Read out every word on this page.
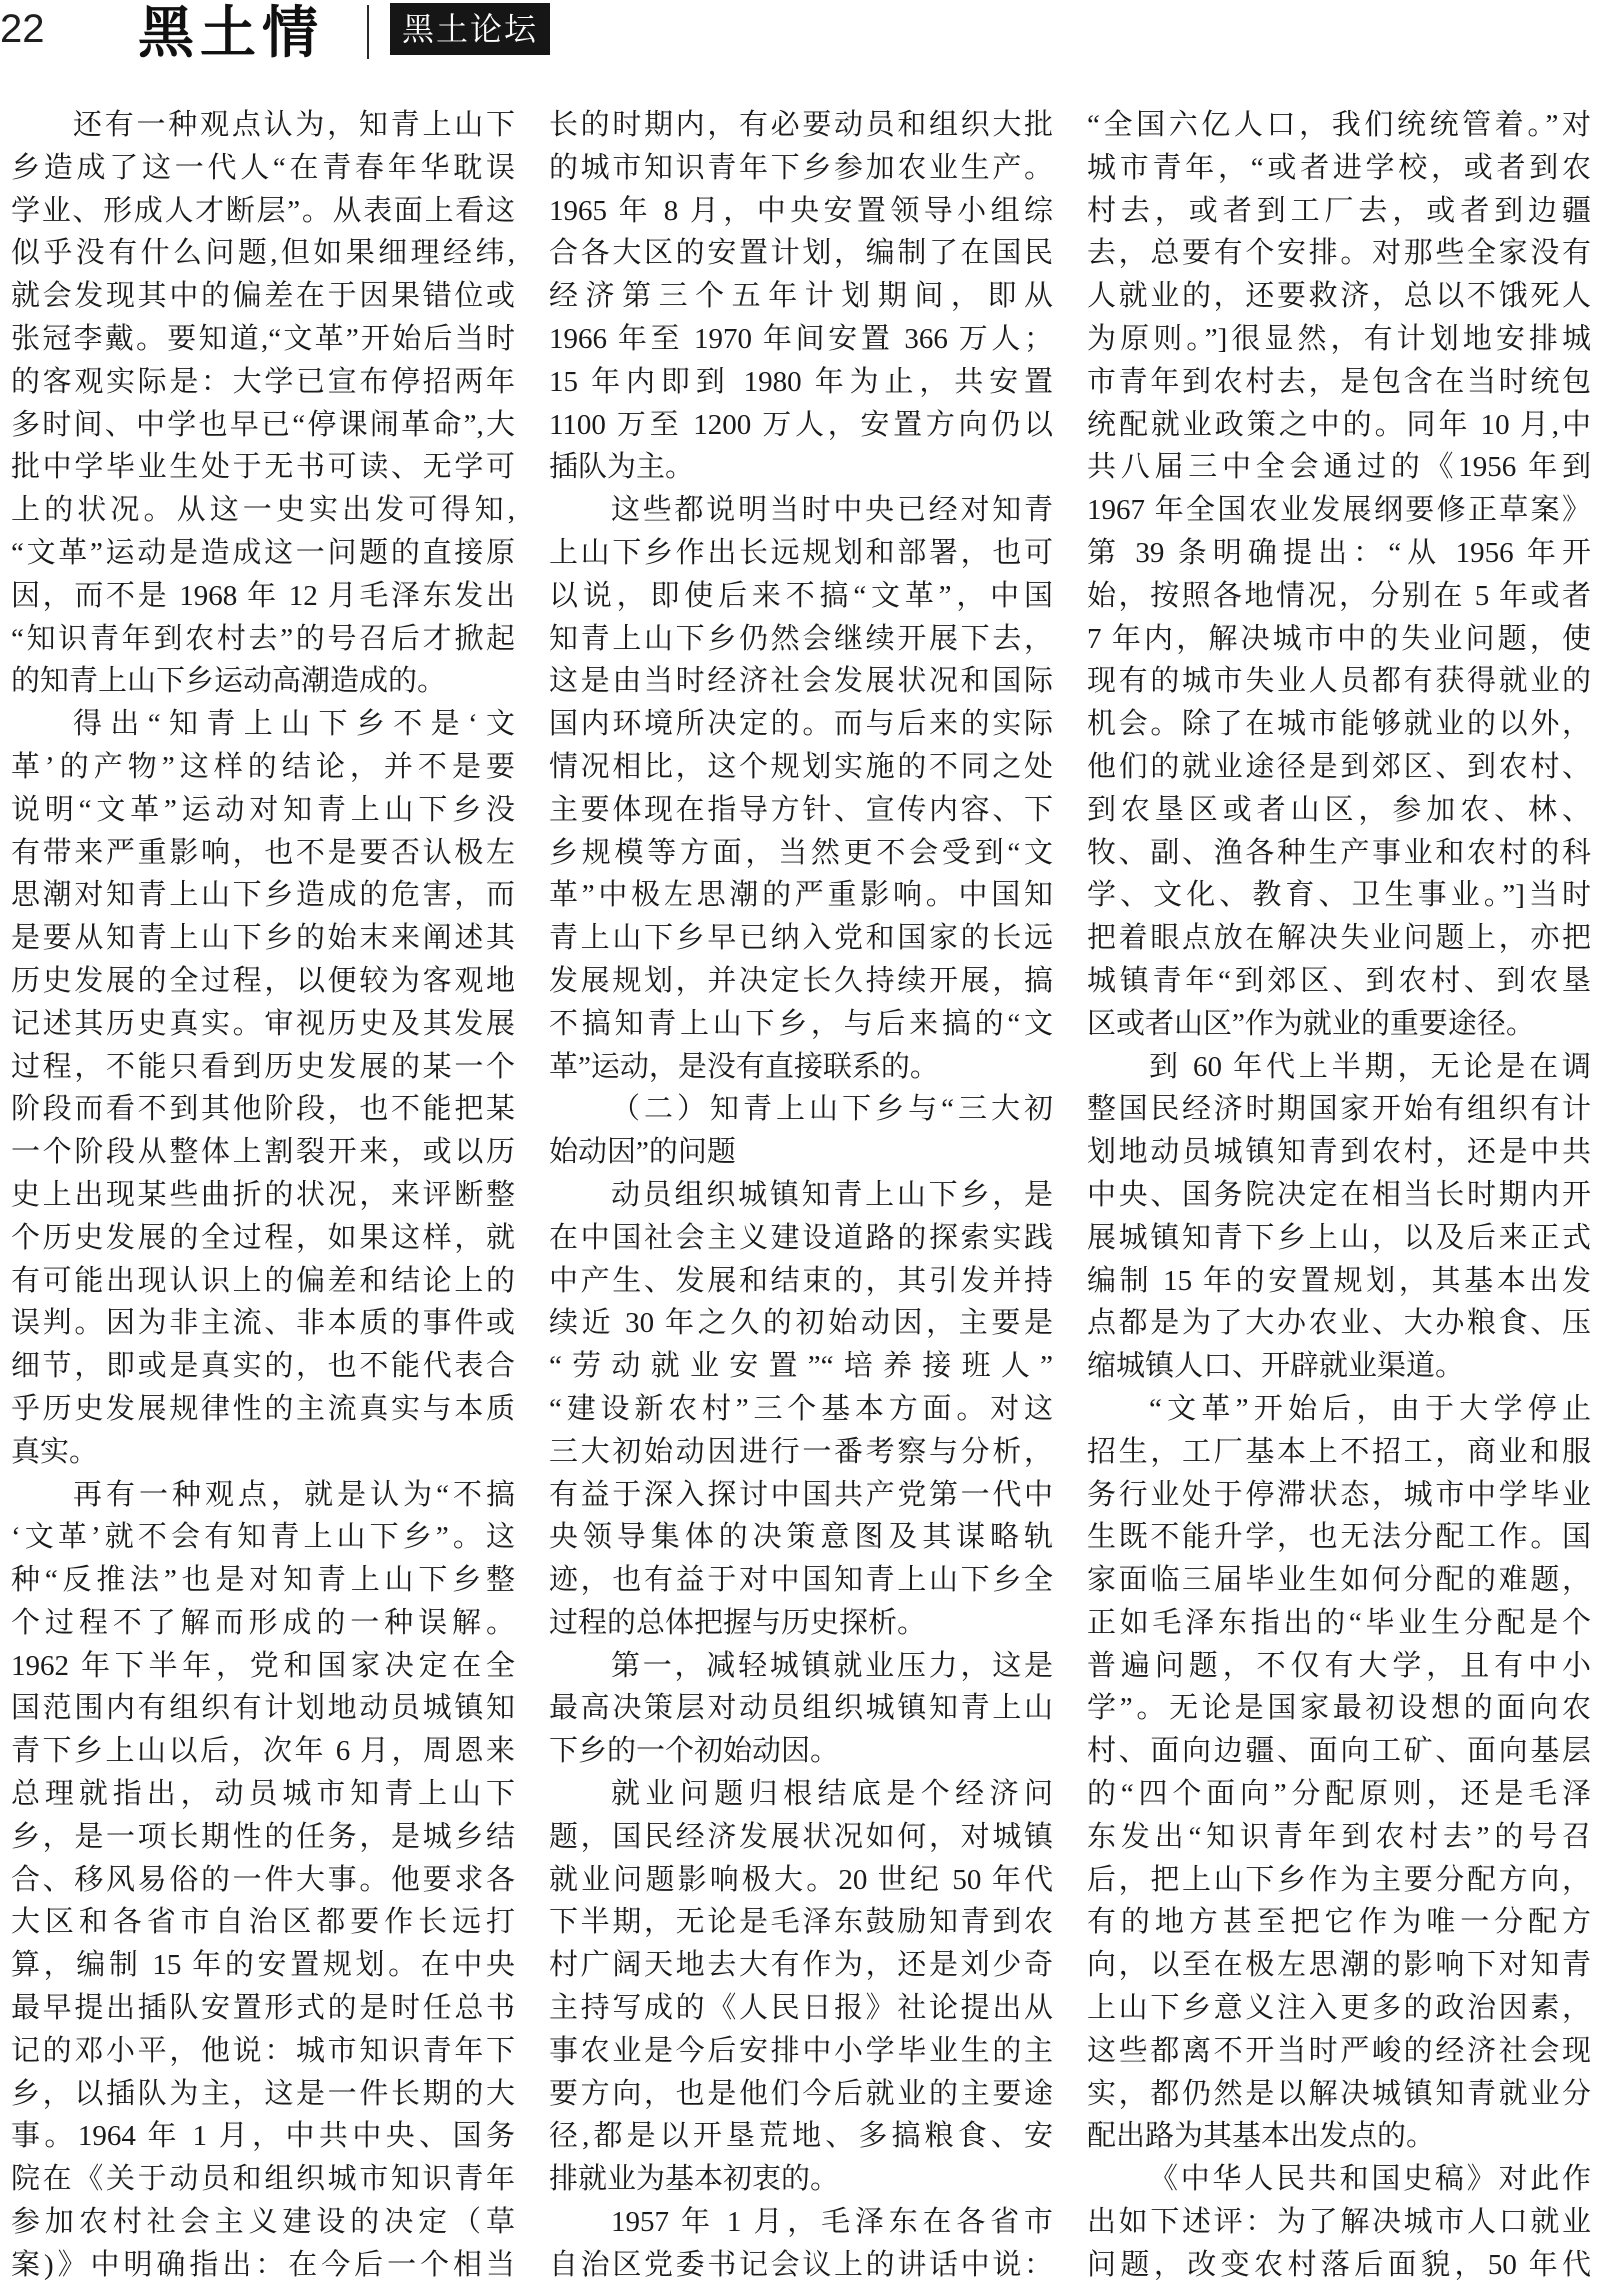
22 黑土情	黑土论坛
还有一种观点认为，知青上山下
乡造成了这一代人“在青春年华耽误
学业、形成人才断层”。从表面上看这
似乎没有什么问题,但如果细理经纬,
就会发现其中的偏差在于因果错位或
张冠李戴。要知道,“文革”开始后当时
的客观实际是：大学已宣布停招两年
多时间、中学也早已“停课闹革命”,大
批中学毕业生处于无书可读、无学可
上的状况。从这一史实出发可得知,
“文革”运动是造成这一问题的直接原
因，而不是 1968 年 12 月毛泽东发出
“知识青年到农村去”的号召后才掀起
的知青上山下乡运动高潮造成的。
得出“知青上山下乡不是‘文
革’的产物”这样的结论，并不是要
说明“文革”运动对知青上山下乡没
有带来严重影响，也不是要否认极左
思潮对知青上山下乡造成的危害，而
是要从知青上山下乡的始末来阐述其
历史发展的全过程，以便较为客观地
记述其历史真实。审视历史及其发展
过程，不能只看到历史发展的某一个
阶段而看不到其他阶段，也不能把某
一个阶段从整体上割裂开来，或以历
史上出现某些曲折的状况，来评断整
个历史发展的全过程，如果这样，就
有可能出现认识上的偏差和结论上的
误判。因为非主流、非本质的事件或
细节，即或是真实的，也不能代表合
乎历史发展规律性的主流真实与本质
真实。
再有一种观点，就是认为“不搞
‘文革’就不会有知青上山下乡”。这
种“反推法”也是对知青上山下乡整
个过程不了解而形成的一种误解。
1962 年下半年，党和国家决定在全
国范围内有组织有计划地动员城镇知
青下乡上山以后，次年 6 月，周恩来
总理就指出，动员城市知青上山下
乡，是一项长期性的任务，是城乡结
合、移风易俗的一件大事。他要求各
大区和各省市自治区都要作长远打
算，编制 15 年的安置规划。在中央
最早提出插队安置形式的是时任总书
记的邓小平，他说：城市知识青年下
乡，以插队为主，这是一件长期的大
事。1964 年 1 月，中共中央、国务
院在《关于动员和组织城市知识青年
参加农村社会主义建设的决定（草
案)》中明确指出：在今后一个相当
长的时期内，有必要动员和组织大批
的城市知识青年下乡参加农业生产。
1965 年 8 月，中央安置领导小组综
合各大区的安置计划，编制了在国民
经济第三个五年计划期间，即从
1966 年至 1970 年间安置 366 万人；
15 年内即到 1980 年为止，共安置
1100 万至 1200 万人，安置方向仍以
插队为主。
这些都说明当时中央已经对知青
上山下乡作出长远规划和部署，也可
以说，即使后来不搞“文革”，中国
知青上山下乡仍然会继续开展下去，
这是由当时经济社会发展状况和国际
国内环境所决定的。而与后来的实际
情况相比，这个规划实施的不同之处
主要体现在指导方针、宣传内容、下
乡规模等方面，当然更不会受到“文
革”中极左思潮的严重影响。中国知
青上山下乡早已纳入党和国家的长远
发展规划，并决定长久持续开展，搞
不搞知青上山下乡，与后来搞的“文
革”运动，是没有直接联系的。
（二）知青上山下乡与“三大初
始动因”的问题
动员组织城镇知青上山下乡，是
在中国社会主义建设道路的探索实践
中产生、发展和结束的，其引发并持
续近 30 年之久的初始动因，主要是
“劳动就业安置”“培养接班人”
“建设新农村”三个基本方面。对这
三大初始动因进行一番考察与分析，
有益于深入探讨中国共产党第一代中
央领导集体的决策意图及其谋略轨
迹，也有益于对中国知青上山下乡全
过程的总体把握与历史探析。
第一，减轻城镇就业压力，这是
最高决策层对动员组织城镇知青上山
下乡的一个初始动因。
就业问题归根结底是个经济问
题，国民经济发展状况如何，对城镇
就业问题影响极大。20 世纪 50 年代
下半期，无论是毛泽东鼓励知青到农
村广阔天地去大有作为，还是刘少奇
主持写成的《人民日报》社论提出从
事农业是今后安排中小学毕业生的主
要方向，也是他们今后就业的主要途
径,都是以开垦荒地、多搞粮食、安
排就业为基本初衷的。
1957 年 1 月，毛泽东在各省市
自治区党委书记会议上的讲话中说：
“全国六亿人口，我们统统管着。”对
城市青年，“或者进学校，或者到农
村去，或者到工厂去，或者到边疆
去，总要有个安排。对那些全家没有
人就业的，还要救济，总以不饿死人
为原则。”]很显然，有计划地安排城
市青年到农村去，是包含在当时统包
统配就业政策之中的。同年 10 月,中
共八届三中全会通过的《1956 年到
1967 年全国农业发展纲要修正草案》
第 39 条明确提出：“从 1956 年开
始，按照各地情况，分别在 5 年或者
7 年内，解决城市中的失业问题，使
现有的城市失业人员都有获得就业的
机会。除了在城市能够就业的以外，
他们的就业途径是到郊区、到农村、
到农垦区或者山区，参加农、林、
牧、副、渔各种生产事业和农村的科
学、文化、教育、卫生事业。”]当时
把着眼点放在解决失业问题上，亦把
城镇青年“到郊区、到农村、到农垦
区或者山区”作为就业的重要途径。
到 60 年代上半期，无论是在调
整国民经济时期国家开始有组织有计
划地动员城镇知青到农村，还是中共
中央、国务院决定在相当长时期内开
展城镇知青下乡上山，以及后来正式
编制 15 年的安置规划，其基本出发
点都是为了大办农业、大办粮食、压
缩城镇人口、开辟就业渠道。
“文革”开始后，由于大学停止
招生，工厂基本上不招工，商业和服
务行业处于停滞状态，城市中学毕业
生既不能升学，也无法分配工作。国
家面临三届毕业生如何分配的难题，
正如毛泽东指出的“毕业生分配是个
普遍问题，不仅有大学，且有中小
学”。无论是国家最初设想的面向农
村、面向边疆、面向工矿、面向基层
的“四个面向”分配原则，还是毛泽
东发出“知识青年到农村去”的号召
后，把上山下乡作为主要分配方向，
有的地方甚至把它作为唯一分配方
向，以至在极左思潮的影响下对知青
上山下乡意义注入更多的政治因素，
这些都离不开当时严峻的经济社会现
实，都仍然是以解决城镇知青就业分
配出路为其基本出发点的。
《中华人民共和国史稿》对此作
出如下述评：为了解决城市人口就业
问题，改变农村落后面貌，50 年代
